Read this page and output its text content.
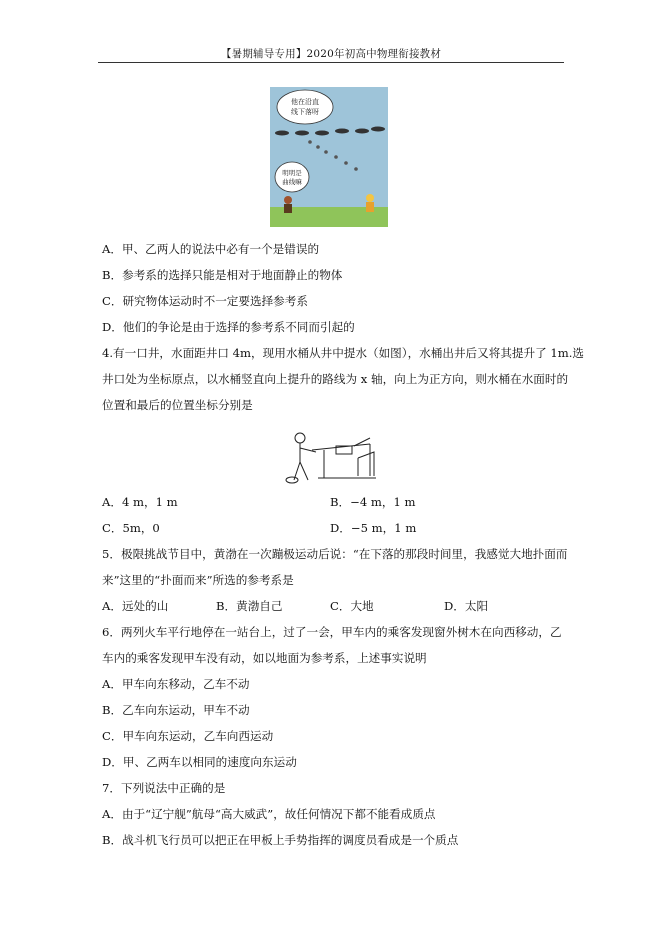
【暑期辅导专用】2020年初高中物理衔接教材
他在沿直
线下落呀
明明是
曲线嘛
A．甲、乙两人的说法中必有一个是错误的
B．参考系的选择只能是相对于地面静止的物体
C．研究物体运动时不一定要选择参考系
D．他们的争论是由于选择的参考系不同而引起的
4.有一口井，水面距井口 4m，现用水桶从井中提水（如图），水桶出井后又将其提升了 1m.选
井口处为坐标原点，以水桶竖直向上提升的路线为 x 轴，向上为正方向，则水桶在水面时的
位置和最后的位置坐标分别是
A．4 m，1 m	B．−4 m，1 m
C．5m，0	D．−5 m，1 m
5．极限挑战节目中，黄渤在一次蹦极运动后说：“在下落的那段时间里，我感觉大地扑面而
来”这里的“扑面而来”所选的参考系是
A．远处的山	B．黄渤自己	C．大地	D．太阳
6．两列火车平行地停在一站台上，过了一会，甲车内的乘客发现窗外树木在向西移动，乙
车内的乘客发现甲车没有动，如以地面为参考系，上述事实说明
A．甲车向东移动，乙车不动
B．乙车向东运动，甲车不动
C．甲车向东运动，乙车向西运动
D．甲、乙两车以相同的速度向东运动
7．下列说法中正确的是
A．由于“辽宁舰”航母“高大威武”，故任何情况下都不能看成质点
B．战斗机飞行员可以把正在甲板上手势指挥的调度员看成是一个质点
